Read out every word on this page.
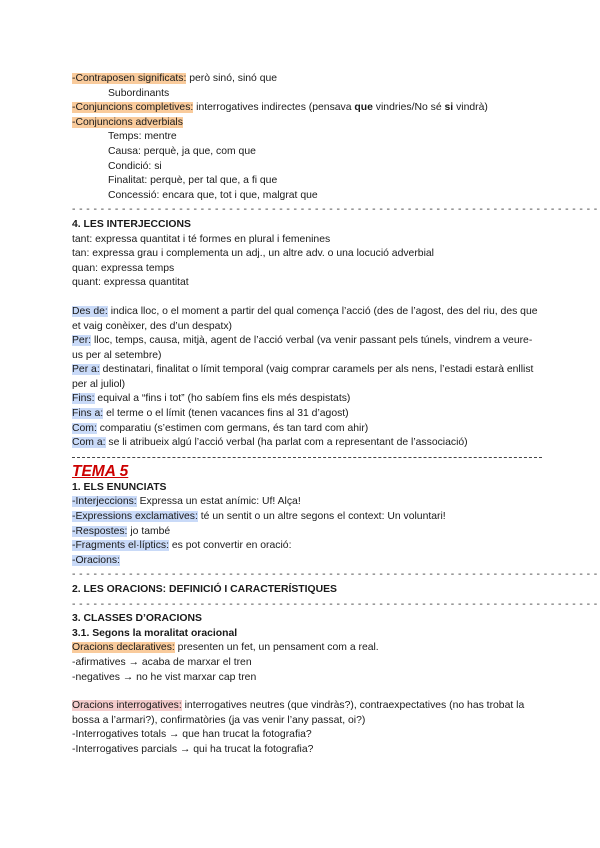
-Contraposen significats: però sinó, sinó que
Subordinants
-Conjuncions completives: interrogatives indirectes (pensava que vindries/No sé si vindrà)
-Conjuncions adverbials
Temps: mentre
Causa: perquè, ja que, com que
Condició: si
Finalitat: perquè, per tal que, a fi que
Concessió: encara que, tot i que, malgrat que
- - - - - - - - - - - - - - - - - - - - - - - - - - - - - - - - - - - - - - - - - - - - - - - - - - - - - - - - - - - - - - - - - - - - - - - - - -
4. LES INTERJECCIONS
tant: expressa quantitat i té formes en plural i femenines
tan: expressa grau i complementa un adj., un altre adv. o una locució adverbial
quan: expressa temps
quant: expressa quantitat
Des de: indica lloc, o el moment a partir del qual comença l’acció (des de l’agost, des del riu, des que et vaig conèixer, des d’un despatx)
Per: lloc, temps, causa, mitjà, agent de l’acció verbal (va venir passant pels túnels, vindrem a veure-us per al setembre)
Per a: destinatari, finalitat o límit temporal (vaig comprar caramels per als nens, l’estadi estarà enllist per al juliol)
Fins: equival a “fins i tot” (ho sabíem fins els més despistats)
Fins a: el terme o el límit (tenen vacances fins al 31 d’agost)
Com: comparatiu (s’estimen com germans, és tan tard com ahir)
Com a: se li atribueix algú l’acció verbal (ha parlat com a representant de l’associació)
TEMA 5
1. ELS ENUNCIATS
-Interjeccions: Expressa un estat anímic: Uf! Alça!
-Expressions exclamatives: té un sentit o un altre segons el context: Un voluntari!
-Respostes: jo també
-Fragments el·líptics: es pot convertir en oració:
-Oracions:
- - - - - - - - - - - - - - - - - - - - - - - - - - - - - - - - - - - - - - - - - - - - - - - - - - - - - - - - - - - - - - - - - - - - - - - - - -
2. LES ORACIONS: DEFINICIÓ I CARACTERÍSTIQUES
- - - - - - - - - - - - - - - - - - - - - - - - - - - - - - - - - - - - - - - - - - - - - - - - - - - - - - - - - - - - - - - - - - - - - - - - - -
3. CLASSES D’ORACIONS
3.1. Segons la moralitat oracional
Oracions declaratives: presenten un fet, un pensament com a real.
-afirmatives → acaba de marxar el tren
-negatives → no he vist marxar cap tren
Oracions interrogatives: interrogatives neutres (que vindràs?), contraexpectatives (no has trobat la bossa a l’armari?), confirmatòries (ja vas venir l’any passat, oi?)
-Interrogatives totals → que han trucat la fotografia?
-Interrogatives parcials → qui ha trucat la fotografia?
